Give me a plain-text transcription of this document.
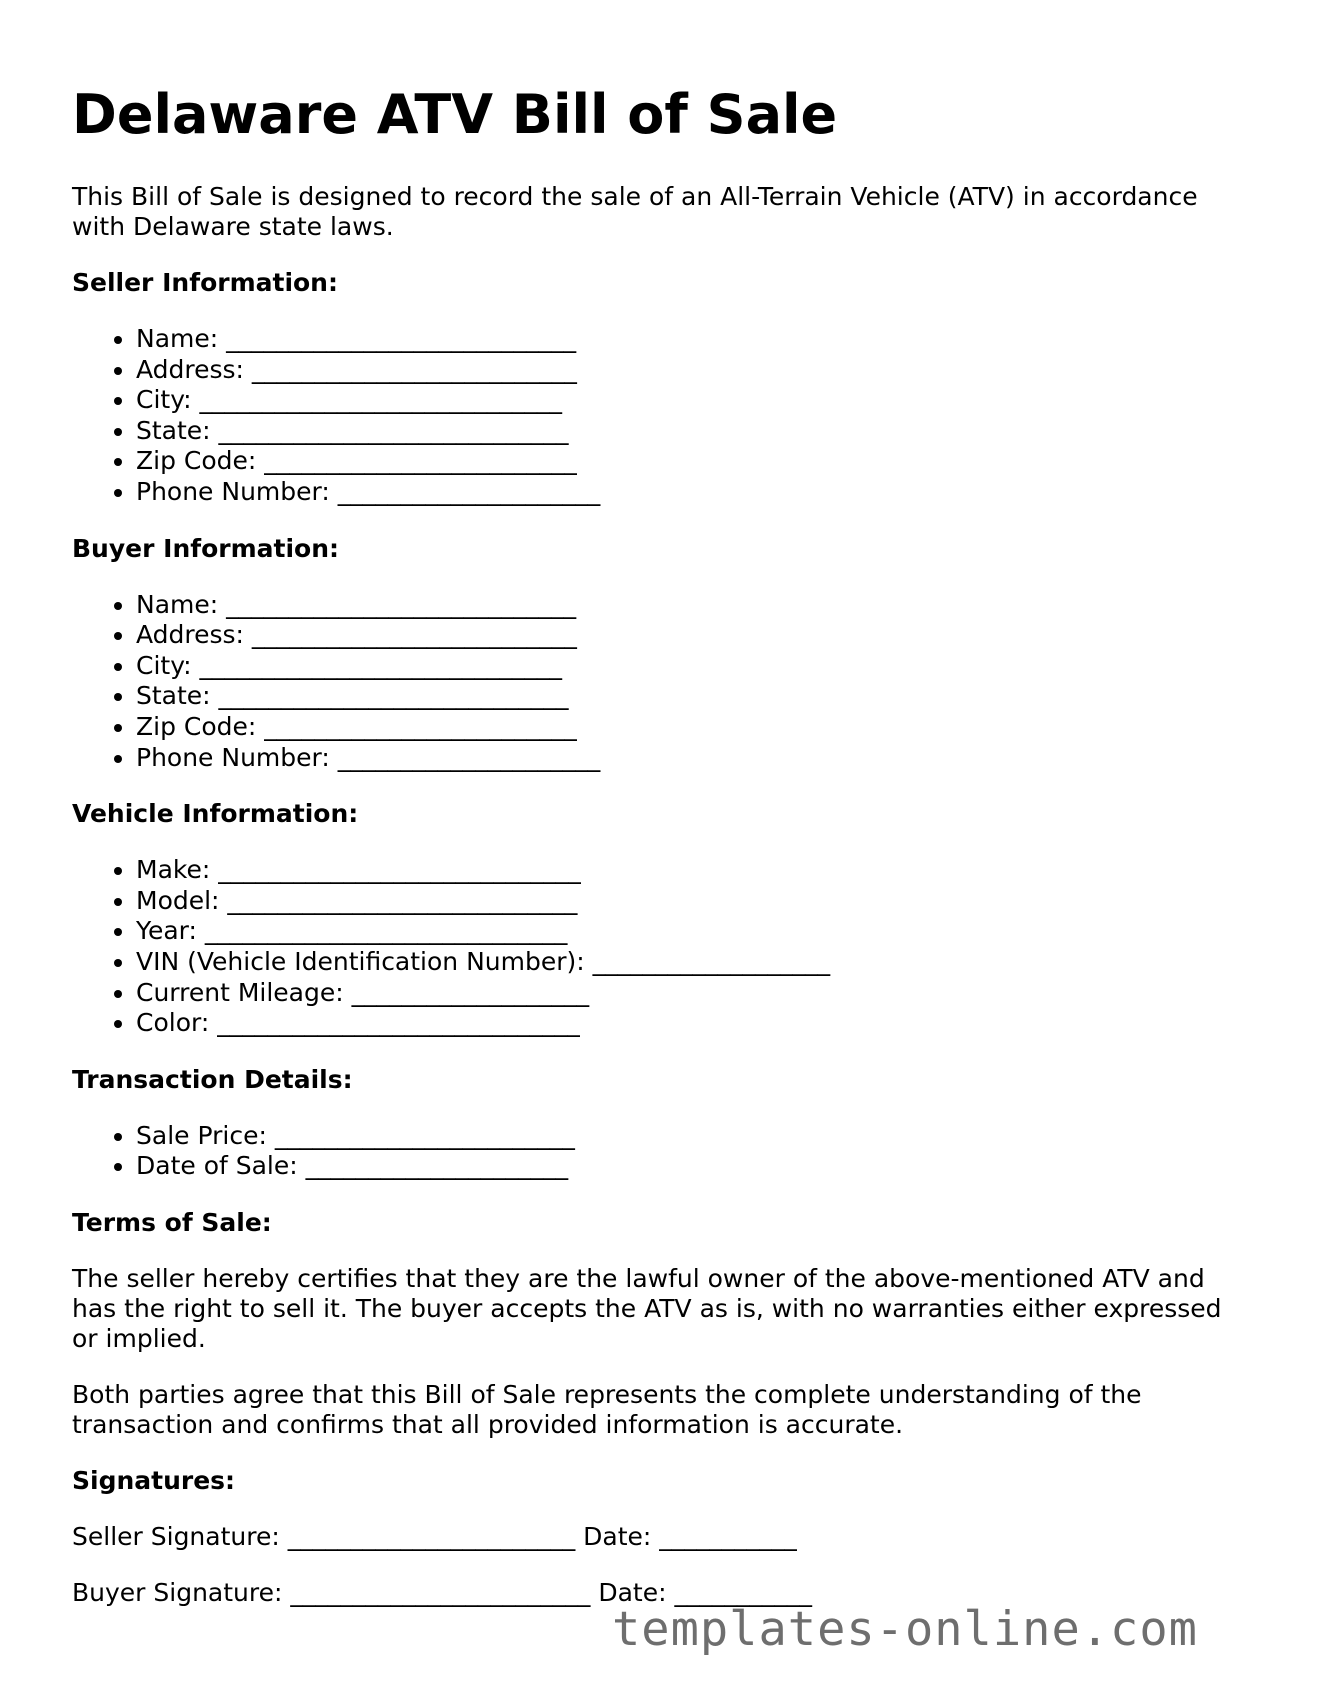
Delaware ATV Bill of Sale

This Bill of Sale is designed to record the sale of an All-Terrain Vehicle (ATV) in accordance with Delaware state laws.

Seller Information:
• Name: ____________________________
• Address: __________________________
• City: _____________________________
• State: ____________________________
• Zip Code: _________________________
• Phone Number: _____________________
Buyer Information:
• Name: ____________________________
• Address: __________________________
• City: _____________________________
• State: ____________________________
• Zip Code: _________________________
• Phone Number: _____________________
Vehicle Information:
• Make: _____________________________
• Model: ____________________________
• Year: _____________________________
• VIN (Vehicle Identification Number): ___________________
• Current Mileage: ___________________
• Color: _____________________________
Transaction Details:
• Sale Price: ________________________
• Date of Sale: _____________________
Terms of Sale:

The seller hereby certifies that they are the lawful owner of the above-mentioned ATV and has the right to sell it. The buyer accepts the ATV as is, with no warranties either expressed or implied.

Both parties agree that this Bill of Sale represents the complete understanding of the transaction and confirms that all provided information is accurate.

Signatures:
Seller Signature: _______________________ Date: ___________
Buyer Signature: ________________________ Date: ___________
templates-online.com
